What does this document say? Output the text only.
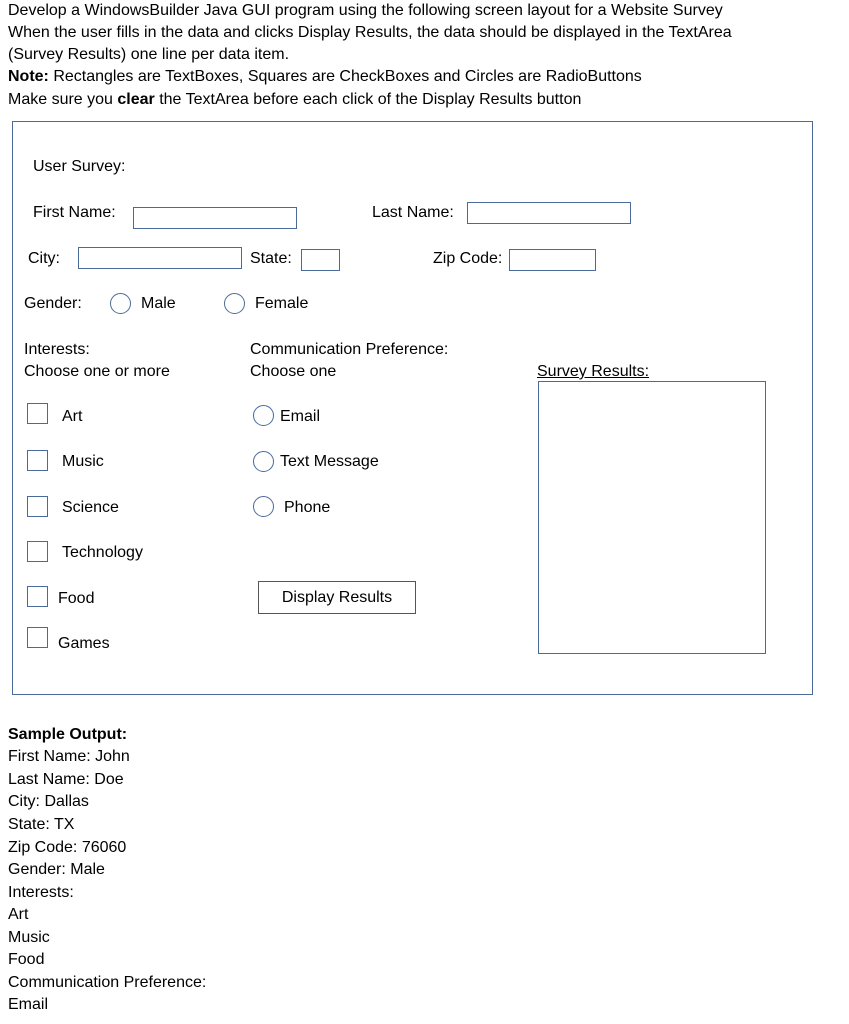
Develop a WindowsBuilder Java GUI program using the following screen layout for a Website Survey
When the user fills in the data and clicks Display Results, the data should be displayed in the TextArea
(Survey Results) one line per data item.
Note: Rectangles are TextBoxes, Squares are CheckBoxes and Circles are RadioButtons
Make sure you clear the TextArea before each click of the Display Results button
User Survey:
First Name:	Last Name:
City:	State:	Zip Code:
Gender:	Male	Female
Interests:
Choose one or more
Communication Preference:
Choose one	Survey Results:
Art
Music
Science
Technology
Food
Games
Email
Text Message
Phone
Display Results
Sample Output:
First Name: John
Last Name: Doe
City: Dallas
State: TX
Zip Code: 76060
Gender: Male
Interests:
Art
Music
Food
Communication Preference:
Email
